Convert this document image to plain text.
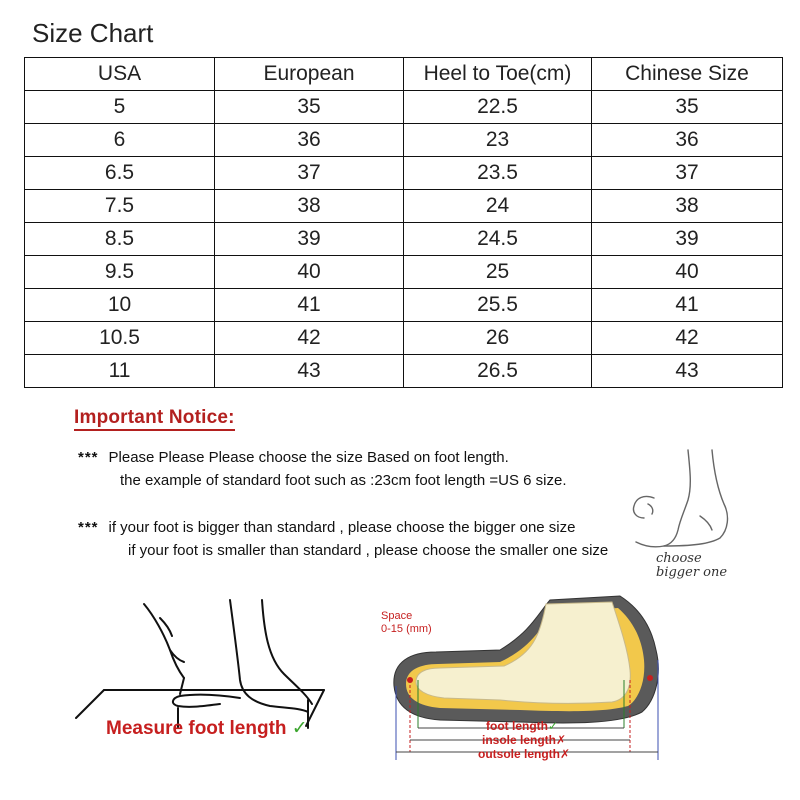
Size Chart
USA	European	Heel to Toe(cm)	Chinese Size
5	35	22.5	35
6	36	23	36
6.5	37	23.5	37
7.5	38	24	38
8.5	39	24.5	39
9.5	40	25	40
10	41	25.5	41
10.5	42	26	42
11	43	26.5	43
Important Notice:
*** Please Please Please choose the size Based on foot length.
the example of standard foot such as :23cm foot length =US 6 size.
*** if your foot is bigger than standard , please choose the bigger one size
if your foot is smaller than standard , please choose the smaller one size	choose
bigger one
Measure foot length ✓
Space
0-15 (mm)
foot length✓
insole length✗
outsole length✗
